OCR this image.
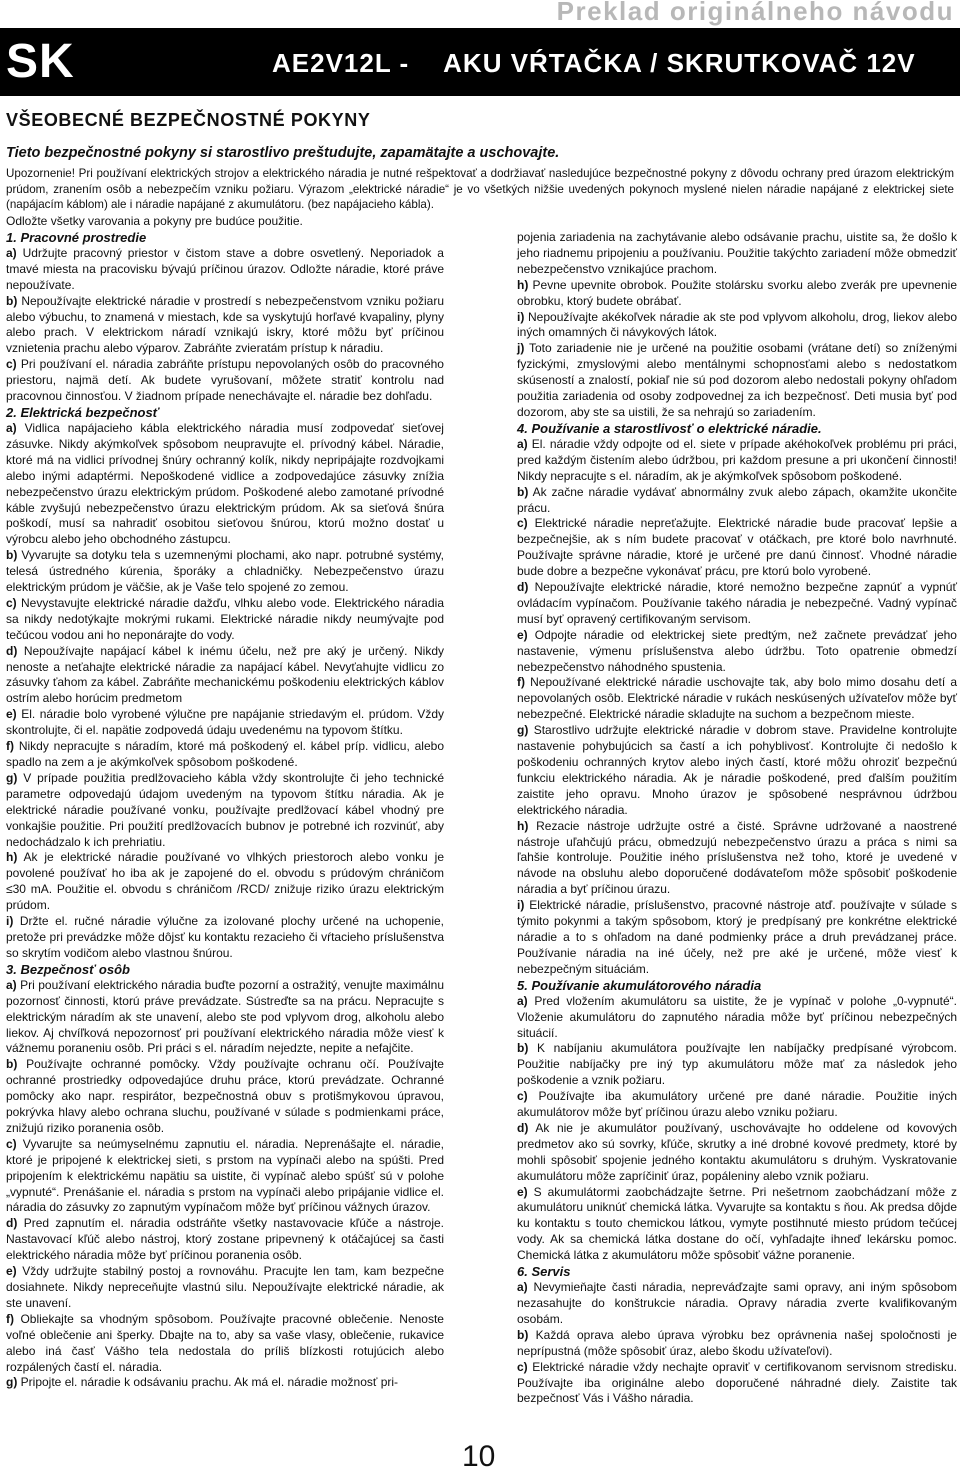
Preklad originálneho návodu
SK	AE2V12L - AKU VŔTAČKA / SKRUTKOVAČ 12V
VŠEOBECNÉ BEZPEČNOSTNÉ POKYNY
Tieto bezpečnostné pokyny si starostlivo preštudujte, zapamätajte a uschovajte.

Upozornenie! Pri používaní elektrických strojov a elektrického náradia je nutné rešpektovať a dodržiavať nasledujúce bezpečnostné pokyny z dôvodu ochrany pred úrazom elektrickým prúdom, zranením osôb a nebezpečím vzniku požiaru. Výrazom „elektrické náradie“ je vo všetkých nižšie uvedených pokynoch myslené nielen náradie napájané z elektrickej siete (napájacím káblom) ale i náradie napájané z akumulátoru. (bez napájacieho kábla).

Odložte všetky varovania a pokyny pre budúce použitie.

1. Pracovné prostredie

a) Udržujte pracovný priestor v čistom stave a dobre osvetlený. Neporiadok a tmavé miesta na pracovisku bývajú príčinou úrazov. Odložte náradie, ktoré práve nepoužívate.

b) Nepoužívajte elektrické náradie v prostredí s nebezpečenstvom vzniku požiaru alebo výbuchu, to znamená v miestach, kde sa vyskytujú horľavé kvapaliny, plyny alebo prach. V elektrickom náradí vznikajú iskry, ktoré môžu byť príčinou vznietenia prachu alebo výparov. Zabráňte zvieratám prístup k náradiu.

c) Pri používaní el. náradia zabráňte prístupu nepovolaných osôb do pracovného priestoru, najmä detí. Ak budete vyrušovaní, môžete stratiť kontrolu nad pracovnou činnosťou. V žiadnom prípade nenechávajte el. náradie bez dohľadu.

2. Elektrická bezpečnosť

a) Vidlica napájacieho kábla elektrického náradia musí zodpovedať sieťovej zásuvke. Nikdy akýmkoľvek spôsobom neupravujte el. prívodný kábel. Náradie, ktoré má na vidlici prívodnej šnúry ochranný kolík, nikdy nepripájajte rozdvojkami alebo inými adaptérmi. Nepoškodené vidlice a zodpovedajúce zásuvky znížia nebezpečenstvo úrazu elektrickým prúdom. Poškodené alebo zamotané prívodné káble zvyšujú nebezpečenstvo úrazu elektrickým prúdom. Ak sa sieťová šnúra poškodí, musí sa nahradiť osobitou sieťovou šnúrou, ktorú možno dostať u výrobcu alebo jeho obchodného zástupcu.

b) Vyvarujte sa dotyku tela s uzemnenými plochami, ako napr. potrubné systémy, telesá ústredného kúrenia, šporáky a chladničky. Nebezpečenstvo úrazu elektrickým prúdom je väčšie, ak je Vaše telo spojené zo zemou.

c) Nevystavujte elektrické náradie dažďu, vlhku alebo vode. Elektrického náradia sa nikdy nedotýkajte mokrými rukami. Elektrické náradie nikdy neumývajte pod tečúcou vodou ani ho neponárajte do vody.

d) Nepoužívajte napájací kábel k inému účelu, než pre aký je určený. Nikdy nenoste a neťahajte elektrické náradie za napájací kábel. Nevyťahujte vidlicu zo zásuvky ťahom za kábel. Zabráňte mechanickému poškodeniu elektrických káblov ostrím alebo horúcim predmetom

e) El. náradie bolo vyrobené výlučne pre napájanie striedavým el. prúdom. Vždy skontrolujte, či el. napätie zodpovedá údaju uvedenému na typovom štítku.

f) Nikdy nepracujte s náradím, ktoré má poškodený el. kábel príp. vidlicu, alebo spadlo na zem a je akýmkoľvek spôsobom poškodené.

g) V prípade použitia predlžovacieho kábla vždy skontrolujte či jeho technické parametre odpovedajú údajom uvedeným na typovom štítku náradia. Ak je elektrické náradie používané vonku, používajte predlžovací kábel vhodný pre vonkajšie použitie. Pri použití predlžovacích bubnov je potrebné ich rozvinúť, aby nedochádzalo k ich prehriatiu.

h) Ak je elektrické náradie používané vo vlhkých priestoroch alebo vonku je povolené používať ho iba ak je zapojené do el. obvodu s prúdovým chráničom ≤30 mA. Použitie el. obvodu s chráničom /RCD/ znižuje riziko úrazu elektrickým prúdom.

i) Držte el. ručné náradie výlučne za izolované plochy určené na uchopenie, pretože pri prevádzke môže dôjsť ku kontaktu rezacieho či vŕtacieho príslušenstva so skrytím vodičom alebo vlastnou šnúrou.

3. Bezpečnosť osôb

a) Pri používaní elektrického náradia buďte pozorní a ostražitý, venujte maximálnu pozornosť činnosti, ktorú práve prevádzate. Sústreďte sa na prácu. Nepracujte s elektrickým náradím ak ste unavení, alebo ste pod vplyvom drog, alkoholu alebo liekov. Aj chvíľková nepozornosť pri používaní elektrického náradia môže viesť k vážnemu poraneniu osôb. Pri práci s el. náradím nejedzte, nepite a nefajčite.

b) Používajte ochranné pomôcky. Vždy používajte ochranu očí. Používajte ochranné prostriedky odpovedajúce druhu práce, ktorú prevádzate. Ochranné pomôcky ako napr. respirátor, bezpečnostná obuv s protišmykovou úpravou, pokrývka hlavy alebo ochrana sluchu, používané v súlade s podmienkami práce, znižujú riziko poranenia osôb.

c) Vyvarujte sa neúmyselnému zapnutiu el. náradia. Neprenášajte el. náradie, ktoré je pripojené k elektrickej sieti, s prstom na vypínači alebo na spúšti. Pred pripojením k elektrickému napätiu sa uistite, či vypínač alebo spúšť sú v polohe „vypnuté“. Prenášanie el. náradia s prstom na vypínači alebo pripájanie vidlice el. náradia do zásuvky zo zapnutým vypínačom môže byť príčinou vážnych úrazov.

d) Pred zapnutím el. náradia odstráňte všetky nastavovacie kľúče a nástroje. Nastavovací kľúč alebo nástroj, ktorý zostane pripevnený k otáčajúcej sa časti elektrického náradia môže byť príčinou poranenia osôb.

e) Vždy udržujte stabilný postoj a rovnováhu. Pracujte len tam, kam bezpečne dosiahnete. Nikdy nepreceňujte vlastnú silu. Nepoužívajte elektrické náradie, ak ste unavení.

f) Obliekajte sa vhodným spôsobom. Používajte pracovné oblečenie. Nenoste voľné oblečenie ani šperky. Dbajte na to, aby sa vaše vlasy, oblečenie, rukavice alebo iná časť Vášho tela nedostala do príliš blízkosti rotujúcich alebo rozpálených častí el. náradia.

g) Pripojte el. náradie k odsávaniu prachu. Ak má el. náradie možnosť pri-

pojenia zariadenia na zachytávanie alebo odsávanie prachu, uistite sa, že došlo k jeho riadnemu pripojeniu a používaniu. Použitie takýchto zariadení môže obmedziť nebezpečenstvo vznikajúce prachom.

h) Pevne upevnite obrobok. Použite stolársku svorku alebo zverák pre upevnenie obrobku, ktorý budete obrábať.

i) Nepoužívajte akékoľvek náradie ak ste pod vplyvom alkoholu, drog, liekov alebo iných omamných či návykových látok.

j) Toto zariadenie nie je určené na použitie osobami (vrátane detí) so zníženými fyzickými, zmyslovými alebo mentálnymi schopnosťami alebo s nedostatkom skúseností a znalostí, pokiaľ nie sú pod dozorom alebo nedostali pokyny ohľadom použitia zariadenia od osoby zodpovednej za ich bezpečnosť. Deti musia byť pod dozorom, aby ste sa uistili, že sa nehrajú so zariadením.

4. Používanie a starostlivosť o elektrické náradie.

a) El. náradie vždy odpojte od el. siete v prípade akéhokoľvek problému pri práci, pred každým čistením alebo údržbou, pri každom presune a pri ukončení činnosti! Nikdy nepracujte s el. náradím, ak je akýmkoľvek spôsobom poškodené.

b) Ak začne náradie vydávať abnormálny zvuk alebo zápach, okamžite ukončite prácu.

c) Elektrické náradie nepreťažujte. Elektrické náradie bude pracovať lepšie a bezpečnejšie, ak s ním budete pracovať v otáčkach, pre ktoré bolo navrhnuté. Používajte správne náradie, ktoré je určené pre danú činnosť. Vhodné náradie bude dobre a bezpečne vykonávať prácu, pre ktorú bolo vyrobené.

d) Nepoužívajte elektrické náradie, ktoré nemožno bezpečne zapnúť a vypnúť ovládacím vypínačom. Používanie takého náradia je nebezpečné. Vadný vypínač musí byť opravený certifikovaným servisom.

e) Odpojte náradie od elektrickej siete predtým, než začnete prevádzať jeho nastavenie, výmenu príslušenstva alebo údržbu. Toto opatrenie obmedzí nebezpečenstvo náhodného spustenia.

f) Nepoužívané elektrické náradie uschovajte tak, aby bolo mimo dosahu detí a nepovolaných osôb. Elektrické náradie v rukách neskúsených užívateľov môže byť nebezpečné. Elektrické náradie skladujte na suchom a bezpečnom mieste.

g) Starostlivo udržujte elektrické náradie v dobrom stave. Pravidelne kontrolujte nastavenie pohybujúcich sa častí a ich pohyblivosť. Kontrolujte či nedošlo k poškodeniu ochranných krytov alebo iných častí, ktoré môžu ohroziť bezpečnú funkciu elektrického náradia. Ak je náradie poškodené, pred ďalším použitím zaistite jeho opravu. Mnoho úrazov je spôsobené nesprávnou údržbou elektrického náradia.

h) Rezacie nástroje udržujte ostré a čisté. Správne udržované a naostrené nástroje uľahčujú prácu, obmedzujú nebezpečenstvo úrazu a práca s nimi sa ľahšie kontroluje. Použitie iného príslušenstva než toho, ktoré je uvedené v návode na obsluhu alebo doporučené dodávateľom môže spôsobiť poškodenie náradia a byť príčinou úrazu.

i) Elektrické náradie, príslušenstvo, pracovné nástroje atď. používajte v súlade s týmito pokynmi a takým spôsobom, ktorý je predpísaný pre konkrétne elektrické náradie a to s ohľadom na dané podmienky práce a druh prevádzanej práce. Používanie náradia na iné účely, než pre aké je určené, môže viesť k nebezpečným situáciám.

5. Používanie akumulátorového náradia

a) Pred vložením akumulátoru sa uistite, že je vypínač v polohe „0-vypnuté“. Vloženie akumulátoru do zapnutého náradia môže byť príčinou nebezpečných situácií.

b) K nabíjaniu akumulátora používajte len nabíjačky predpísané výrobcom. Použitie nabíjačky pre iný typ akumulátoru môže mať za následok jeho poškodenie a vznik požiaru.

c) Používajte iba akumulátory určené pre dané náradie. Použitie iných akumulátorov môže byť príčinou úrazu alebo vzniku požiaru.

d) Ak nie je akumulátor používaný, uschovávajte ho oddelene od kovových predmetov ako sú sovrky, kľúče, skrutky a iné drobné kovové predmety, ktoré by mohli spôsobiť spojenie jedného kontaktu akumulátoru s druhým. Vyskratovanie akumulátoru môže zapríčiniť úraz, popáleniny alebo vznik požiaru.

e) S akumulátormi zaobchádzajte šetrne. Pri nešetrnom zaobchádzaní môže z akumulátoru uniknúť chemická látka. Vyvarujte sa kontaktu s ňou. Ak predsa dôjde ku kontaktu s touto chemickou látkou, vymyte postihnuté miesto prúdom tečúcej vody. Ak sa chemická látka dostane do očí, vyhľadajte ihneď lekársku pomoc. Chemická látka z akumulátoru môže spôsobiť vážne poranenie.

6. Servis

a) Nevymieňajte časti náradia, nepreváďzajte sami opravy, ani iným spôsobom nezasahujte do konštrukcie náradia. Opravy náradia zverte kvalifikovaným osobám.

b) Každá oprava alebo úprava výrobku bez oprávnenia našej spoločnosti je neprípustná (môže spôsobiť úraz, alebo škodu užívateľovi).

c) Elektrické náradie vždy nechajte opraviť v certifikovanom servisnom stredisku. Používajte iba originálne alebo doporučené náhradné diely. Zaistite tak bezpečnosť Vás i Vášho náradia.

10
